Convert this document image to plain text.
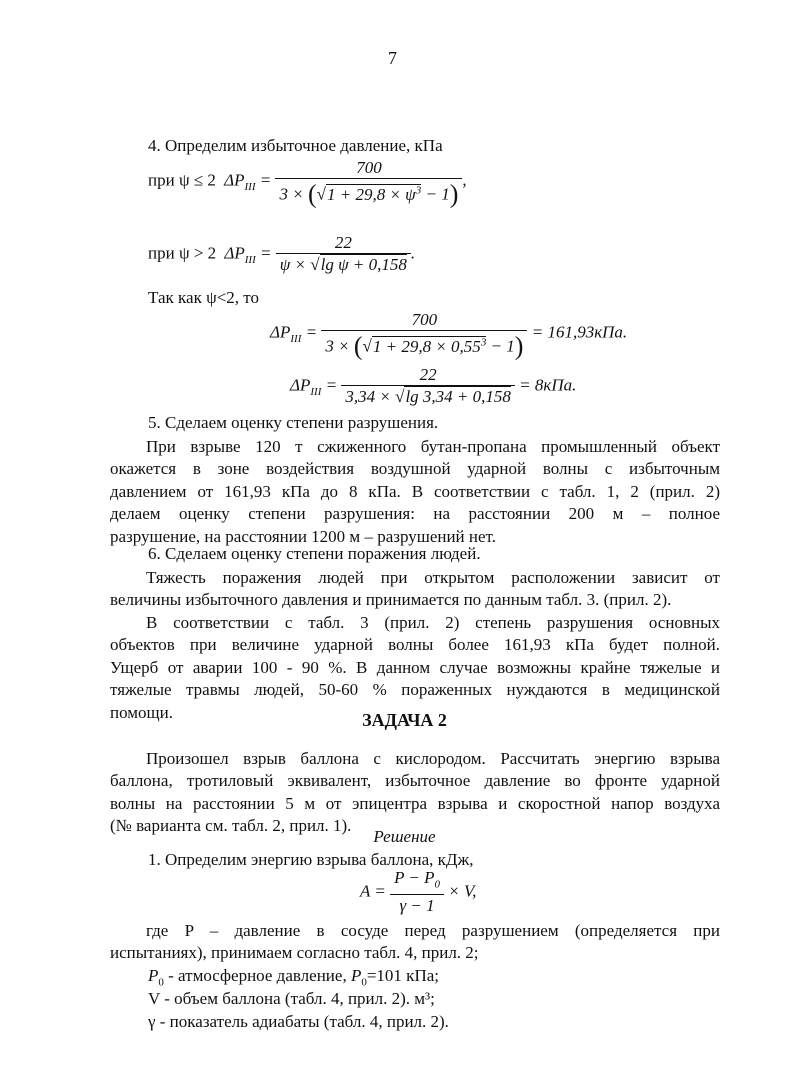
7
4. Определим избыточное давление, кПа
при ψ ≤ 2 $\Delta P_{III} = \frac{700}{3 \times (√1 + 29,8 \times \psi^3 - 1)}$ ,
при ψ > 2 $\Delta P_{III} = \frac{22}{\text{ψ × √lg ψ + 0,158}}$ .
Так как ψ<2, то
$\Delta P_{III} = \frac{700}{3 \times (√1 + 29,8 \times 0,55^3 - 1)} = 161,93кПа$.
$\Delta P_{III} = \frac{22}{3,34 \times √\lg 3,34 + 0,158} = 8кПа$.
5. Сделаем оценку степени разрушения.
При взрыве 120 т сжиженного бутан-пропана промышленный объект
окажется в зоне воздействия воздушной ударной волны с избыточным
давлением от 161,93 кПа до 8 кПа. В соответствии с табл. 1, 2 (прил. 2)
делаем оценку степени разрушения: на расстоянии 200 м – полное
разрушение, на расстоянии 1200 м – разрушений нет.
6. Сделаем оценку степени поражения людей.
Тяжесть поражения людей при открытом расположении зависит от
величины избыточного давления и принимается по данным табл. 3. (прил. 2).
В соответствии с табл. 3 (прил. 2) степень разрушения основных
объектов при величине ударной волны более 161,93 кПа будет полной.
Ущерб от аварии 100 - 90 %. В данном случае возможны крайне тяжелые и
тяжелые травмы людей, 50-60 % пораженных нуждаются в медицинской
помощи.	ЗАДАЧА 2
Произошел взрыв баллона с кислородом. Рассчитать энергию взрыва
баллона, тротиловый эквивалент, избыточное давление во фронте ударной
волны на расстоянии 5 м от эпицентра взрыва и скоростной напор воздуха
(№ варианта см. табл. 2, прил. 1).
Решение
1. Определим энергию взрыва баллона, кДж,
$A = \frac{P - P_0}{\gamma - 1} \times V$,
где P – давление в сосуде перед разрушением (определяется при
испытаниях), принимаем согласно табл. 4, прил. 2;
$P_0$ - атмосферное давление, $P_0=101$ кПа;
V - объем баллона (табл. 4, прил. 2). м³;
γ - показатель адиабаты (табл. 4, прил. 2).
